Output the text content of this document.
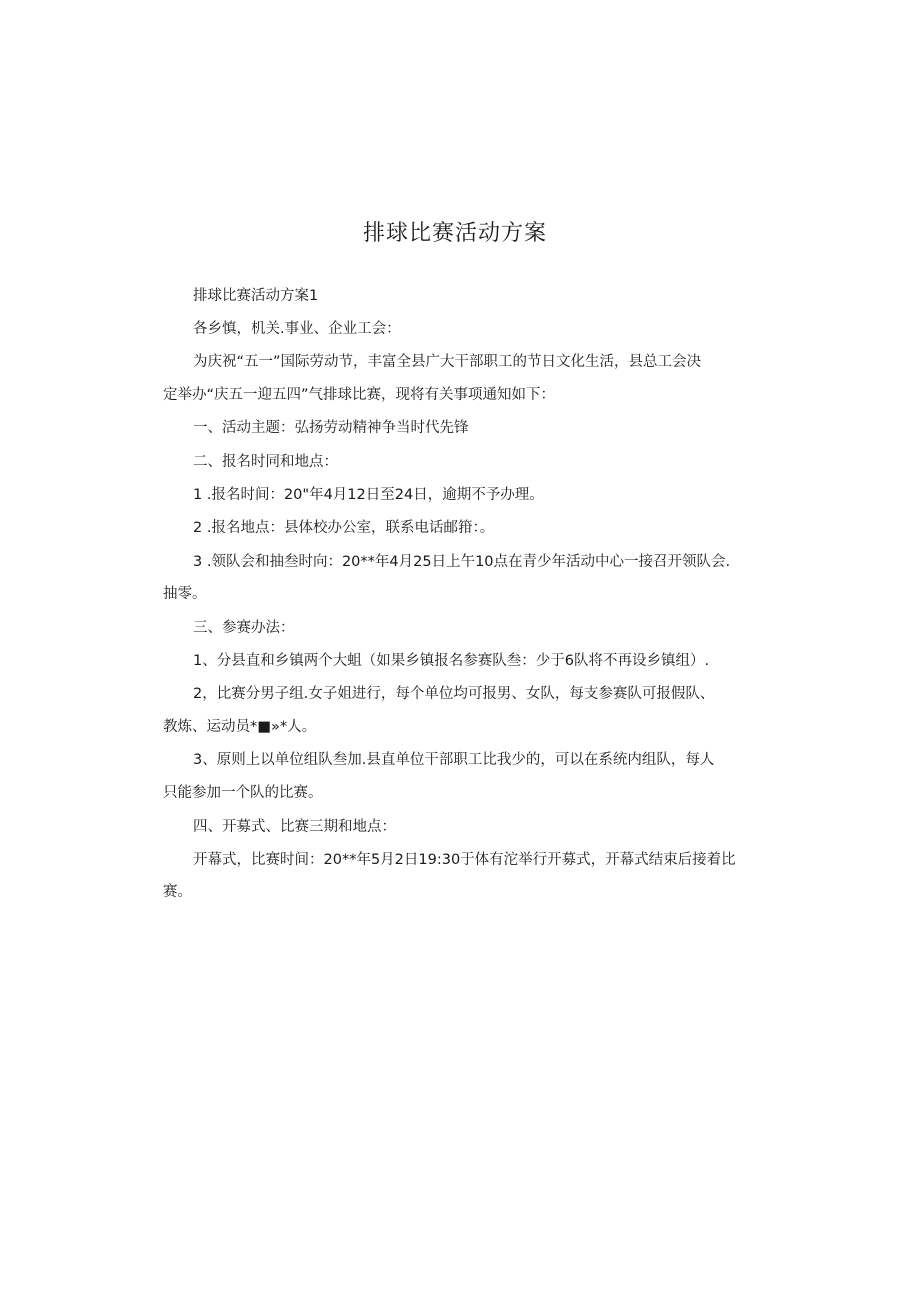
排球比赛活动方案

排球比赛活动方案1

各乡慎，机关.事业、企业工会：

为庆祝“五一”国际劳动节，丰富全县广大干部职工的节日文化生活，县总工会决

定举办“庆五一迎五四”气排球比赛，现将有关事项通知如下：

一、活动主题：弘扬劳动精神争当时代先锋

二、报名时同和地点：

1 .报名时间：20"年4月12日至24日，逾期不予办理。

2 .报名地点：县体校办公室，联系电话邮箝：。

3 .领队会和抽叁时向：20**年4月25日上午10点在青少年活动中心一接召开领队会.

抽零。

三、参赛办法：

1、分县直和乡镇两个大蛆（如果乡镇报名参赛队叁：少于6队将不再设乡镇组）.

2，比赛分男子组.女子姐进行，每个单位均可报男、女队，每支参赛队可报假队、

教炼、运动员*■»*人。

3、原则上以单位组队叁加.县直单位干部职工比我少的，可以在系统内组队，每人

只能参加一个队的比赛。

四、开募式、比赛三期和地点：

开幕式，比赛时间：20**年5月2日19:30于体有沱举行开募式，开幕式结束后接着比

赛。
